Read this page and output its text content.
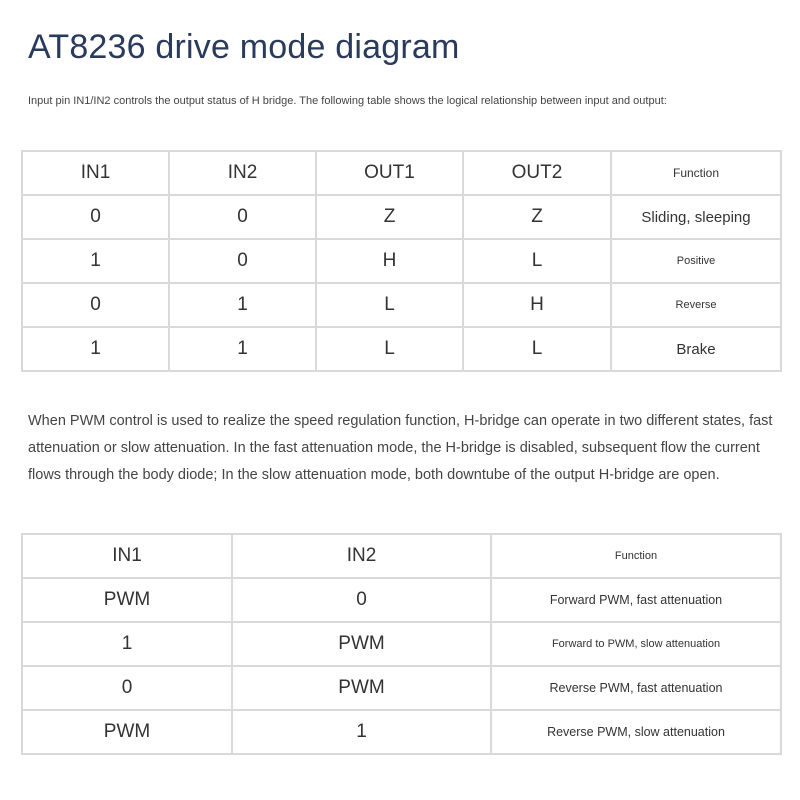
AT8236 drive mode diagram
Input pin IN1/IN2 controls the output status of H bridge. The following table shows the logical relationship between input and output:
IN1	IN2	OUT1	OUT2	Function
0	0	Z	Z	Sliding, sleeping
1	0	H	L	Positive
0	1	L	H	Reverse
1	1	L	L	Brake
When PWM control is used to realize the speed regulation function, H-bridge can operate in two different states, fast attenuation or slow attenuation. In the fast attenuation mode, the H-bridge is disabled, subsequent flow the current flows through the body diode; In the slow attenuation mode, both downtube of the output H-bridge are open.
IN1	IN2	Function
PWM	0	Forward PWM, fast attenuation
1	PWM	Forward to PWM, slow attenuation
0	PWM	Reverse PWM, fast attenuation
PWM	1	Reverse PWM, slow attenuation
